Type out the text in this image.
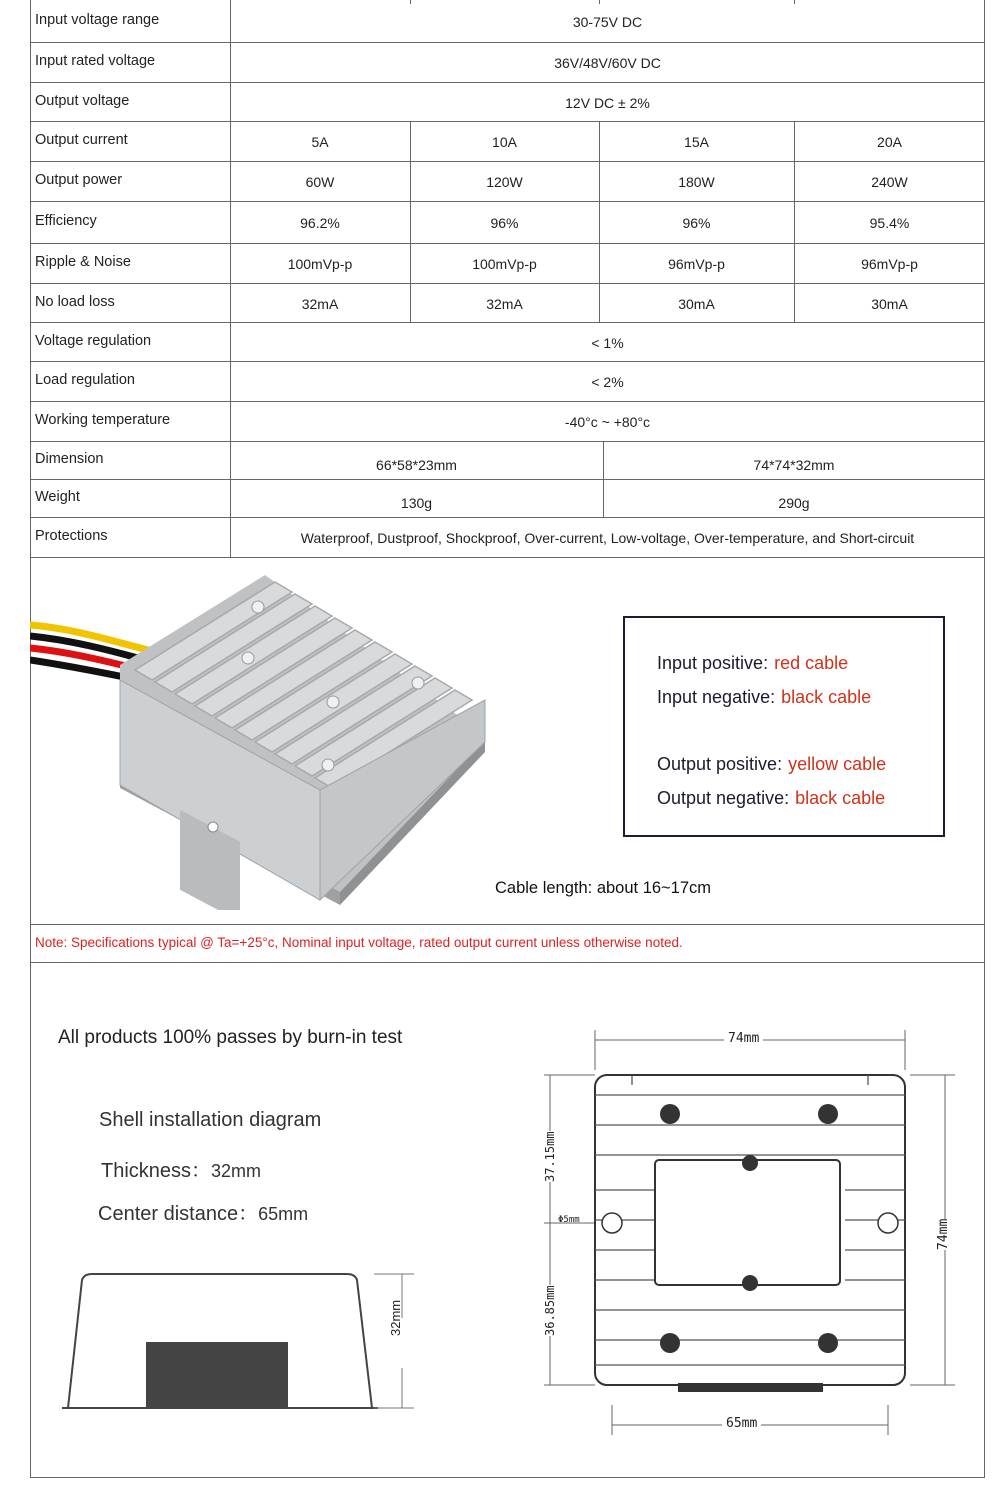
Input voltage range	30-75V DC
Input rated voltage	36V/48V/60V DC
Output voltage	12V DC ± 2%
Output current	5A	10A	15A	20A
Output power	60W	120W	180W	240W
Efficiency	96.2%	96%	96%	95.4%
Ripple & Noise	100mVp-p	100mVp-p	96mVp-p	96mVp-p
No load loss	32mA	32mA	30mA	30mA
Voltage regulation	< 1%
Load regulation	< 2%
Working temperature	-40°c ~ +80°c
Dimension	66*58*23mm	74*74*32mm
Weight	130g	290g
Protections	Waterproof, Dustproof, Shockproof, Over-current, Low-voltage, Over-temperature, and Short-circuit
Input positive: red cable
Input negative: black cable
Output positive: yellow cable
Output negative: black cable
Cable length: about 16~17cm
Note: Specifications typical @ Ta=+25°c, Nominal input voltage, rated output current unless otherwise noted.
All products 100% passes by burn-in test
Shell installation diagram
Thickness：32mm
Center distance：65mm
32mm
74mm
74mm
37.15mm
36.85mm
Φ5mm
65mm
